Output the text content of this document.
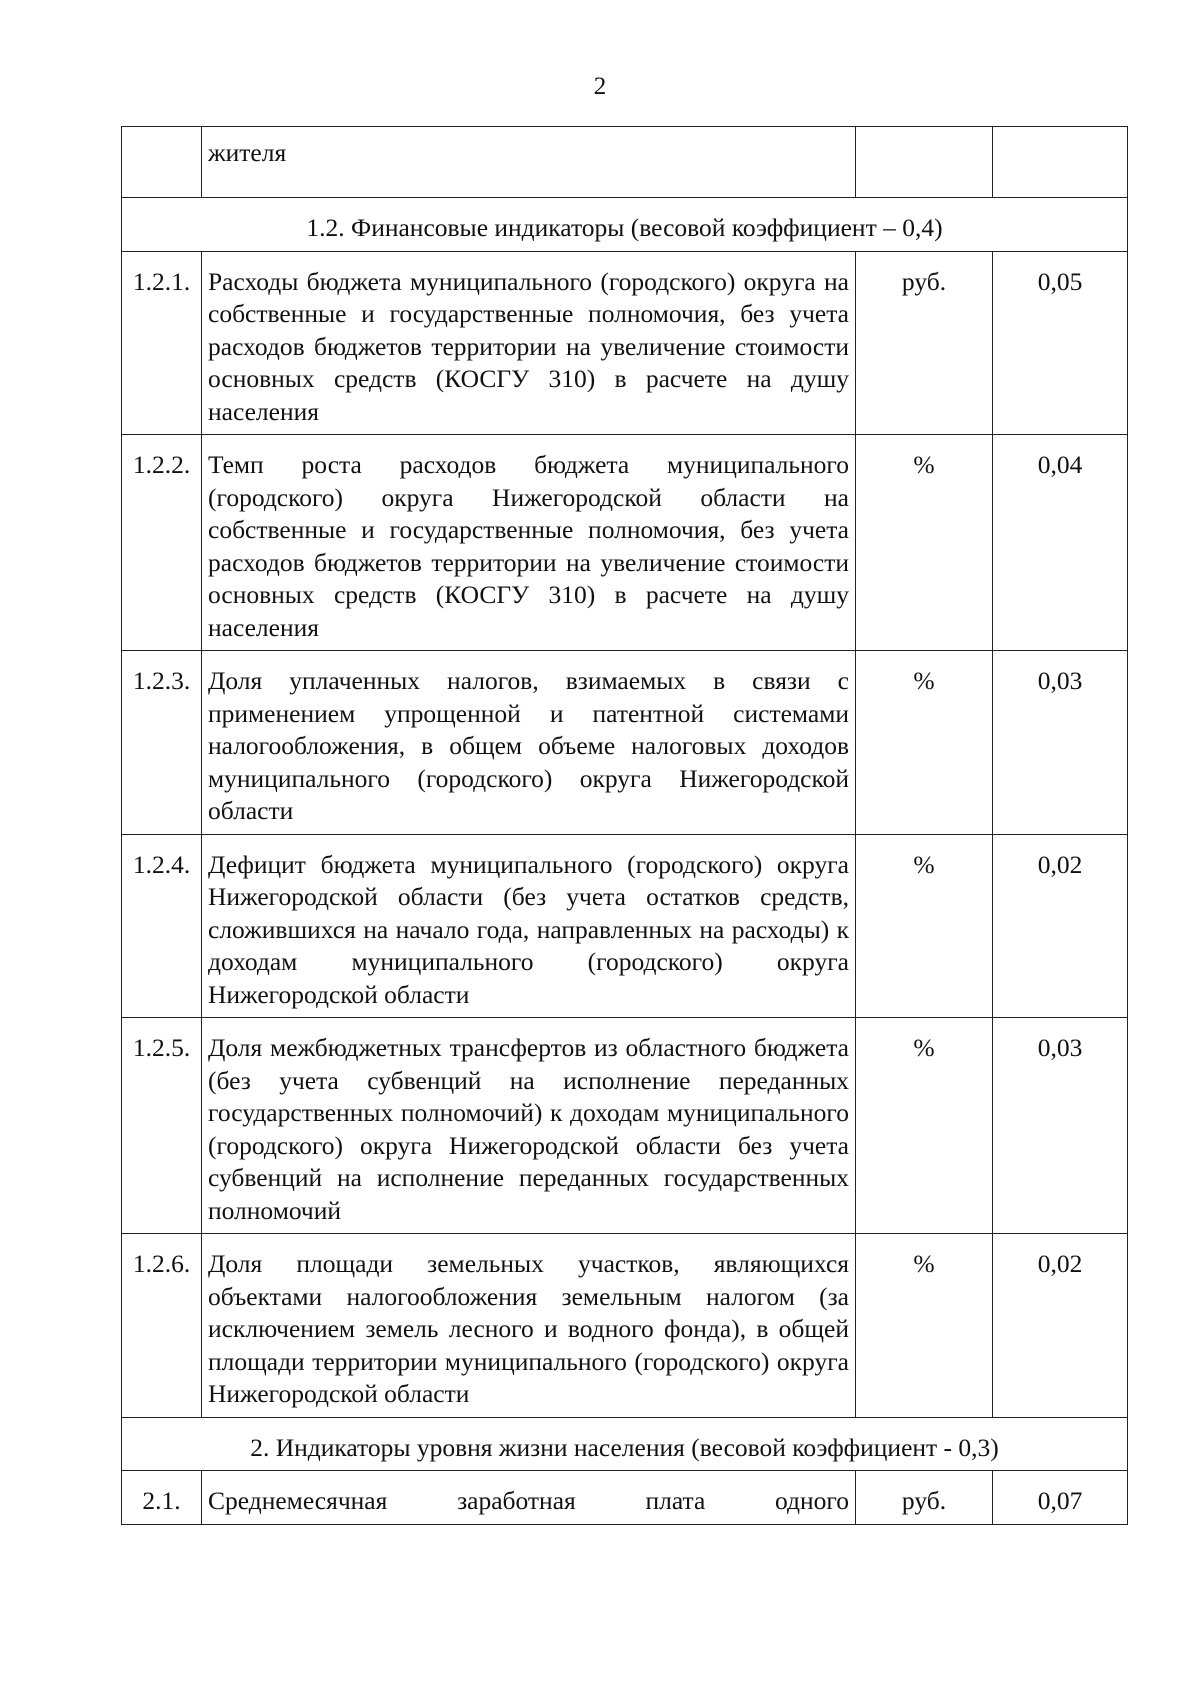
2
	жителя		
1.2. Финансовые индикаторы (весовой коэффициент – 0,4)			
1.2.1.	Расходы бюджета муниципального (городского) округа на собственные и государственные полномочия, без учета расходов бюджетов территории на увеличение стоимости основных средств (КОСГУ 310) в расчете на душу населения	руб.	0,05
1.2.2.	Темп роста расходов бюджета муниципального (городского) округа Нижегородской области на собственные и государственные полномочия, без учета расходов бюджетов территории на увеличение стоимости основных средств (КОСГУ 310) в расчете на душу населения	%	0,04
1.2.3.	Доля уплаченных налогов, взимаемых в связи с применением упрощенной и патентной системами налогообложения, в общем объеме налоговых доходов муниципального (городского) округа Нижегородской области	%	0,03
1.2.4.	Дефицит бюджета муниципального (городского) округа Нижегородской области (без учета остатков средств, сложившихся на начало года, направленных на расходы) к доходам муниципального (городского) округа Нижегородской области	%	0,02
1.2.5.	Доля межбюджетных трансфертов из областного бюджета (без учета субвенций на исполнение переданных государственных полномочий) к доходам муниципального (городского) округа Нижегородской области без учета субвенций на исполнение переданных государственных полномочий	%	0,03
1.2.6.	Доля площади земельных участков, являющихся объектами налогообложения земельным налогом (за исключением земель лесного и водного фонда), в общей площади территории муниципального (городского) округа Нижегородской области	%	0,02
2. Индикаторы уровня жизни населения (весовой коэффициент - 0,3)			
2.1.	Среднемесячная заработная плата одного	руб.	0,07
